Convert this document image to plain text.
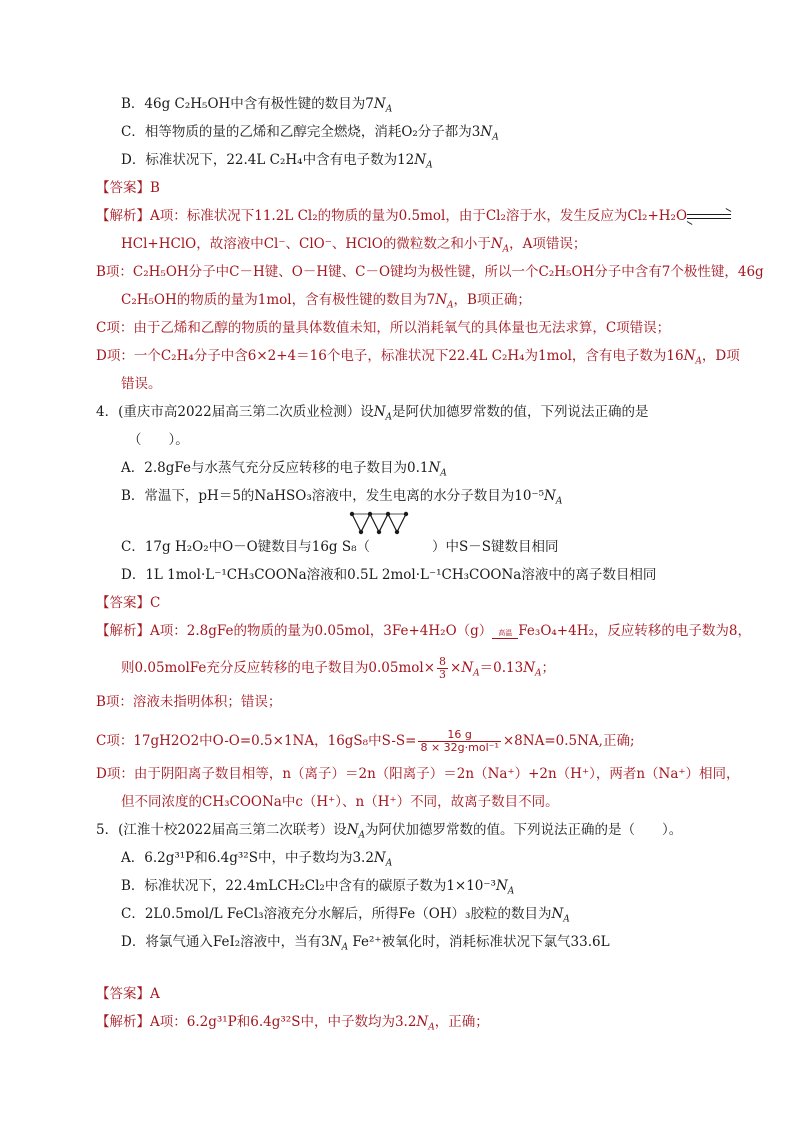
B．46g C₂H₅OH中含有极性键的数目为$7N_A$
C．相等物质的量的乙烯和乙醇完全燃烧，消耗O₂分子都为$3N_A$
D．标准状况下，22.4L C₂H₄中含有电子数为$12N_A$
【答案】B
【解析】A项：标准状况下11.2L Cl₂的物质的量为0.5mol，由于Cl₂溶于水，发生反应为Cl₂+H₂O⇌
HCl+HClO，故溶液中Cl⁻、ClO⁻、HClO的微粒数之和小于$N_A$，A项错误；
B项：C₂H₅OH分子中C－H键、O－H键、C－O键均为极性键，所以一个C₂H₅OH分子中含有7个极性键，46g
C₂H₅OH的物质的量为1mol，含有极性键的数目为$7N_A$，B项正确；
C项：由于乙烯和乙醇的物质的量具体数值未知，所以消耗氧气的具体量也无法求算，C项错误；
D项：一个C₂H₄分子中含6×2+4＝16个电子，标准状况下22.4L C₂H₄为1mol，含有电子数为$16N_A$，D项
错误。
4．(重庆市高2022届高三第二次质业检测）设$N_A$是阿伏加德罗常数的值，下列说法正确的是
（　　）。
A．2.8gFe与水蒸气充分反应转移的电子数目为$0.1N_A$
B．常温下，pH＝5的NaHSO₃溶液中，发生电离的水分子数目为$10^{-5}N_A$
C．17g H₂O₂中O－O键数目与16g S₈（	）中S－S键数目相同
D．1L 1mol·L⁻¹CH₃COONa溶液和0.5L 2mol·L⁻¹CH₃COONa溶液中的离子数目相同
【答案】C
【解析】A项：2.8gFe的物质的量为0.05mol，3Fe+4H₂O（g） 高温 Fe₃O₄+4H₂，反应转移的电子数为8，
则0.05molFe充分反应转移的电子数目为$0.05mol\times \frac{8}{3} \times N_A=0.13N_A$；
B项：溶液未指明体积；错误；
C项：17gH2O2中O-O=0.5×1NA，16gS₈中$S-S= \frac{16 g}{\text{8 × 32g·mol⁻¹}} \times 8NA=0.5NA$,正确;
D项：由于阴阳离子数目相等，n（离子）＝2n（阳离子）＝2n（Na⁺）+2n（H⁺），两者n（Na⁺）相同，
但不同浓度的CH₃COONa中c（H⁺）、n（H⁺）不同，故离子数目不同。
5．(江淮十校2022届高三第二次联考）设$N_A$为阿伏加德罗常数的值。下列说法正确的是（　　）。
A．6.2g³¹P和6.4g³²S中，中子数均为$3.2N_A$
B．标准状况下，22.4mLCH₂Cl₂中含有的碳原子数为$1\times 10^{-3}N_A$
C．2L0.5mol/L FeCl₃溶液充分水解后，所得Fe（OH）₃胶粒的数目为$N_A$
D．将氯气通入FeI₂溶液中，当有$3N_A$ Fe²⁺被氧化时，消耗标准状况下氯气33.6L
【答案】A
【解析】A项：6.2g³¹P和6.4g³²S中，中子数均为$3.2N_A$，正确；
